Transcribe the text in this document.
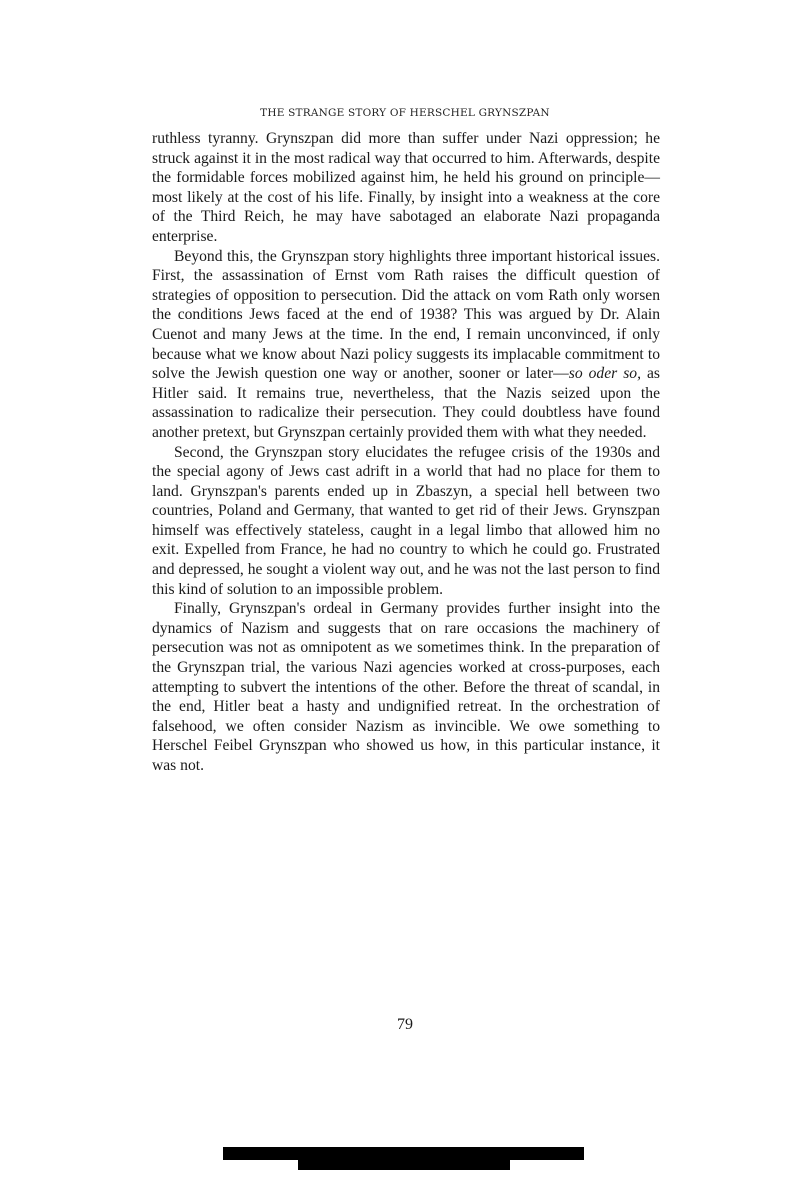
THE STRANGE STORY OF HERSCHEL GRYNSZPAN

ruthless tyranny. Grynszpan did more than suffer under Nazi oppression; he struck against it in the most radical way that occurred to him. Afterwards, despite the formidable forces mobilized against him, he held his ground on principle—most likely at the cost of his life. Finally, by insight into a weakness at the core of the Third Reich, he may have sabotaged an elaborate Nazi propaganda enterprise.

Beyond this, the Grynszpan story highlights three important historical issues. First, the assassination of Ernst vom Rath raises the difficult question of strategies of opposition to persecution. Did the attack on vom Rath only worsen the conditions Jews faced at the end of 1938? This was argued by Dr. Alain Cuenot and many Jews at the time. In the end, I remain unconvinced, if only because what we know about Nazi policy suggests its implacable commitment to solve the Jewish question one way or another, sooner or later—so oder so, as Hitler said. It remains true, nevertheless, that the Nazis seized upon the assassination to radicalize their persecution. They could doubtless have found another pretext, but Grynszpan certainly provided them with what they needed.

Second, the Grynszpan story elucidates the refugee crisis of the 1930s and the special agony of Jews cast adrift in a world that had no place for them to land. Grynszpan's parents ended up in Zbaszyn, a special hell between two countries, Poland and Germany, that wanted to get rid of their Jews. Grynszpan himself was effectively stateless, caught in a legal limbo that allowed him no exit. Expelled from France, he had no country to which he could go. Frustrated and depressed, he sought a violent way out, and he was not the last person to find this kind of solution to an impossible problem.

Finally, Grynszpan's ordeal in Germany provides further insight into the dynamics of Nazism and suggests that on rare occasions the machinery of persecution was not as omnipotent as we sometimes think. In the preparation of the Grynszpan trial, the various Nazi agencies worked at cross-purposes, each attempting to subvert the intentions of the other. Before the threat of scandal, in the end, Hitler beat a hasty and undignified retreat. In the orchestration of falsehood, we often consider Nazism as invincible. We owe something to Herschel Feibel Grynszpan who showed us how, in this particular instance, it was not.

79
